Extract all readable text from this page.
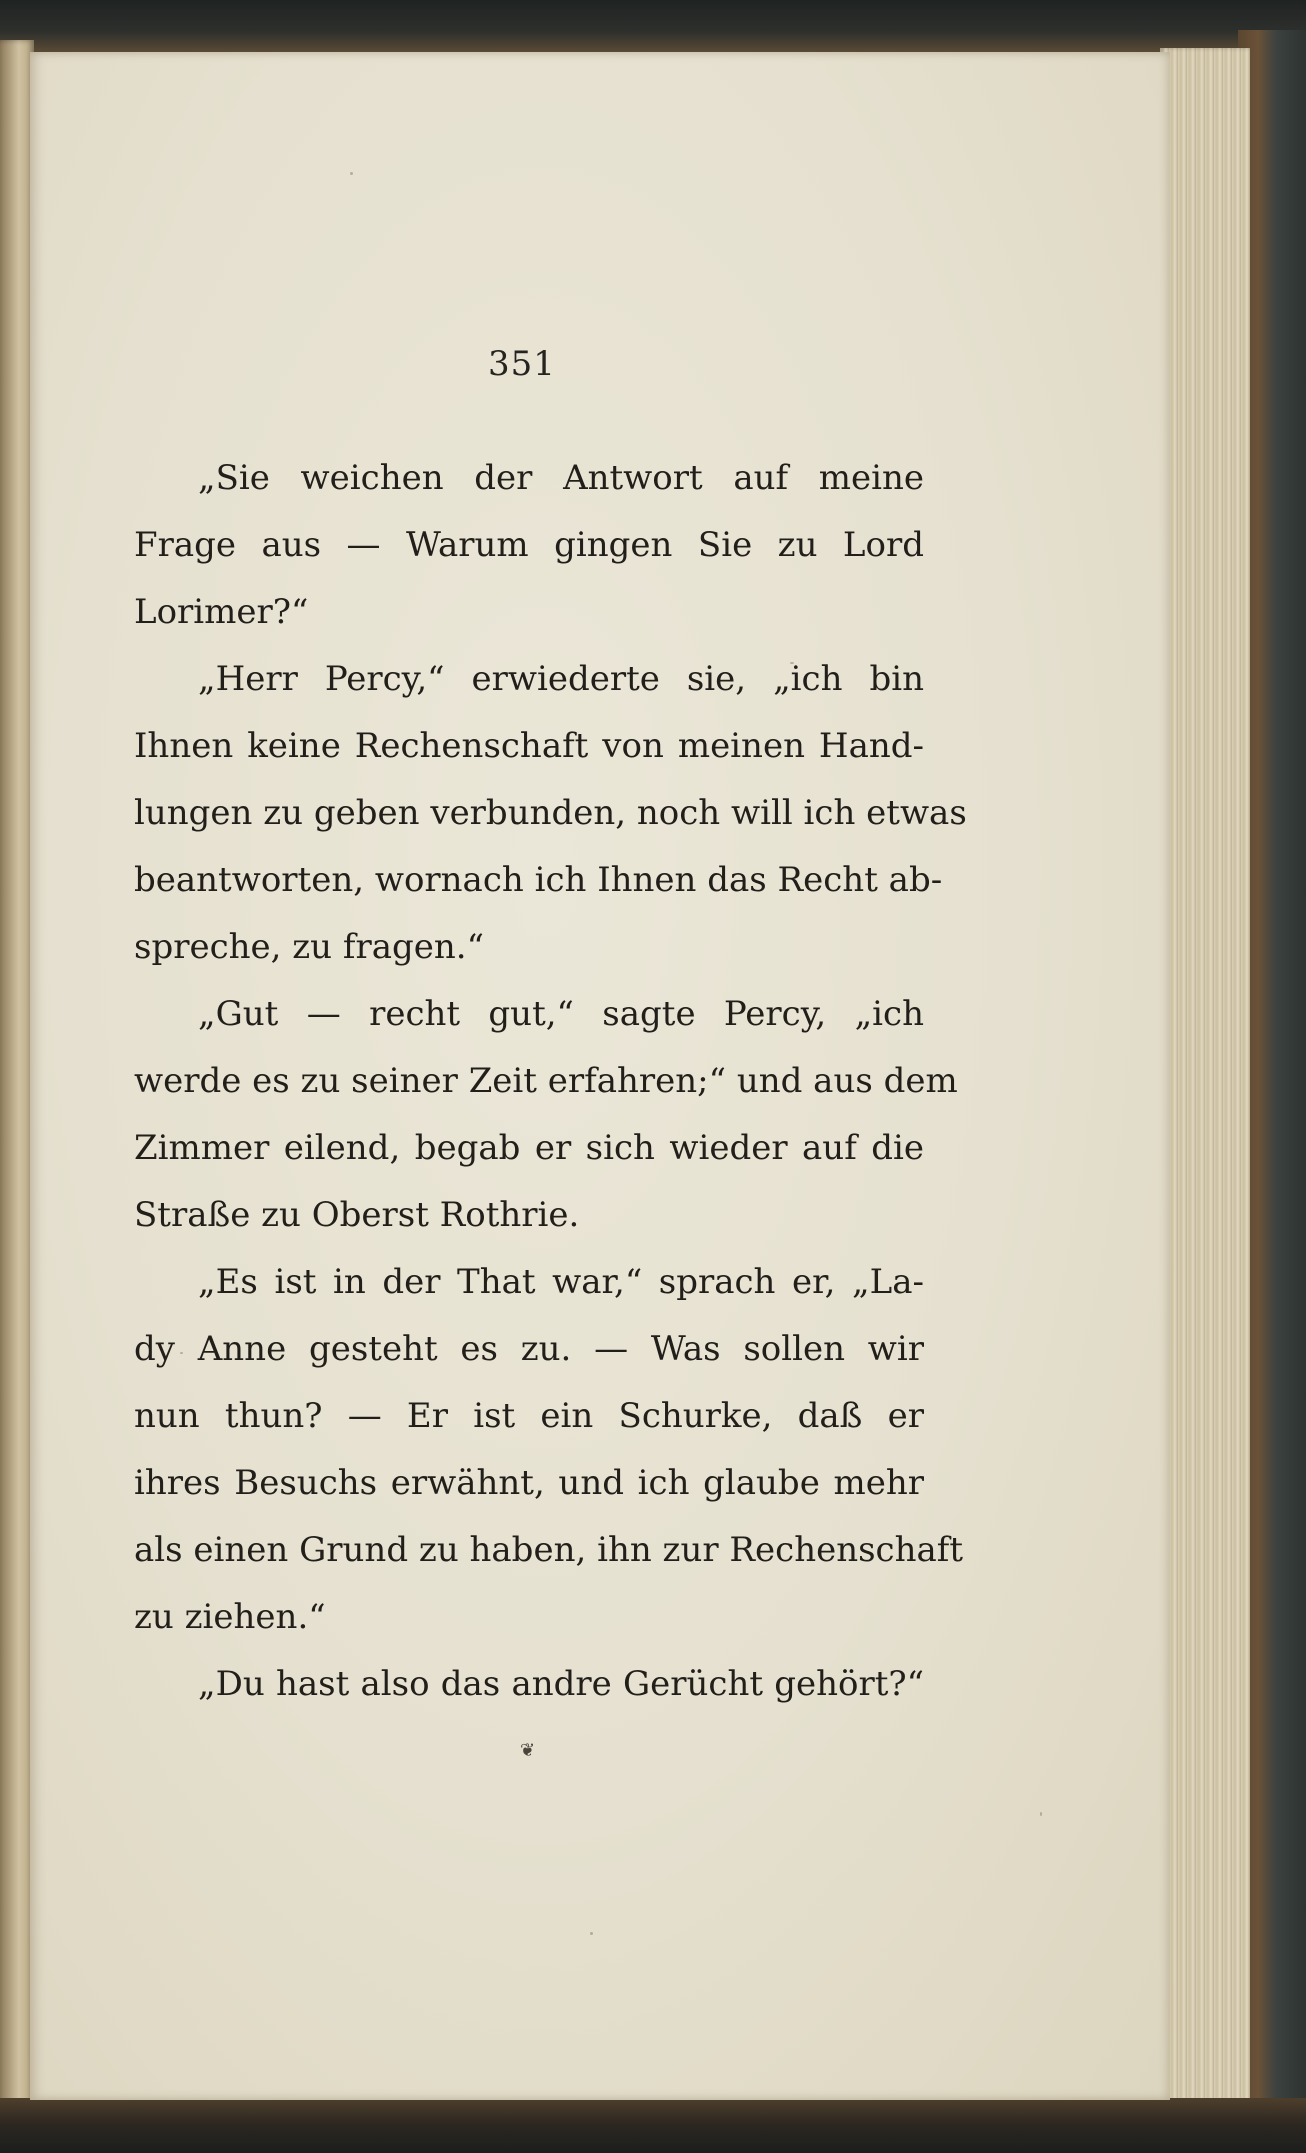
351
„Sie weichen der Antwort auf meine
Frage aus — Warum gingen Sie zu Lord
Lorimer?“
„Herr Percy,“ erwiederte sie, „ich bin
Ihnen keine Rechenschaft von meinen Hand-
lungen zu geben verbunden, noch will ich etwas
beantworten, wornach ich Ihnen das Recht ab-
spreche, zu fragen.“
„Gut — recht gut,“ sagte Percy, „ich
werde es zu seiner Zeit erfahren;“ und aus dem
Zimmer eilend, begab er sich wieder auf die
Straße zu Oberst Rothrie.
„Es ist in der That war,“ sprach er, „La-
dy Anne gesteht es zu. — Was sollen wir
nun thun? — Er ist ein Schurke, daß er
ihres Besuchs erwähnt, und ich glaube mehr
als einen Grund zu haben, ihn zur Rechenschaft
zu ziehen.“
„Du hast also das andre Gerücht gehört?“
❦
